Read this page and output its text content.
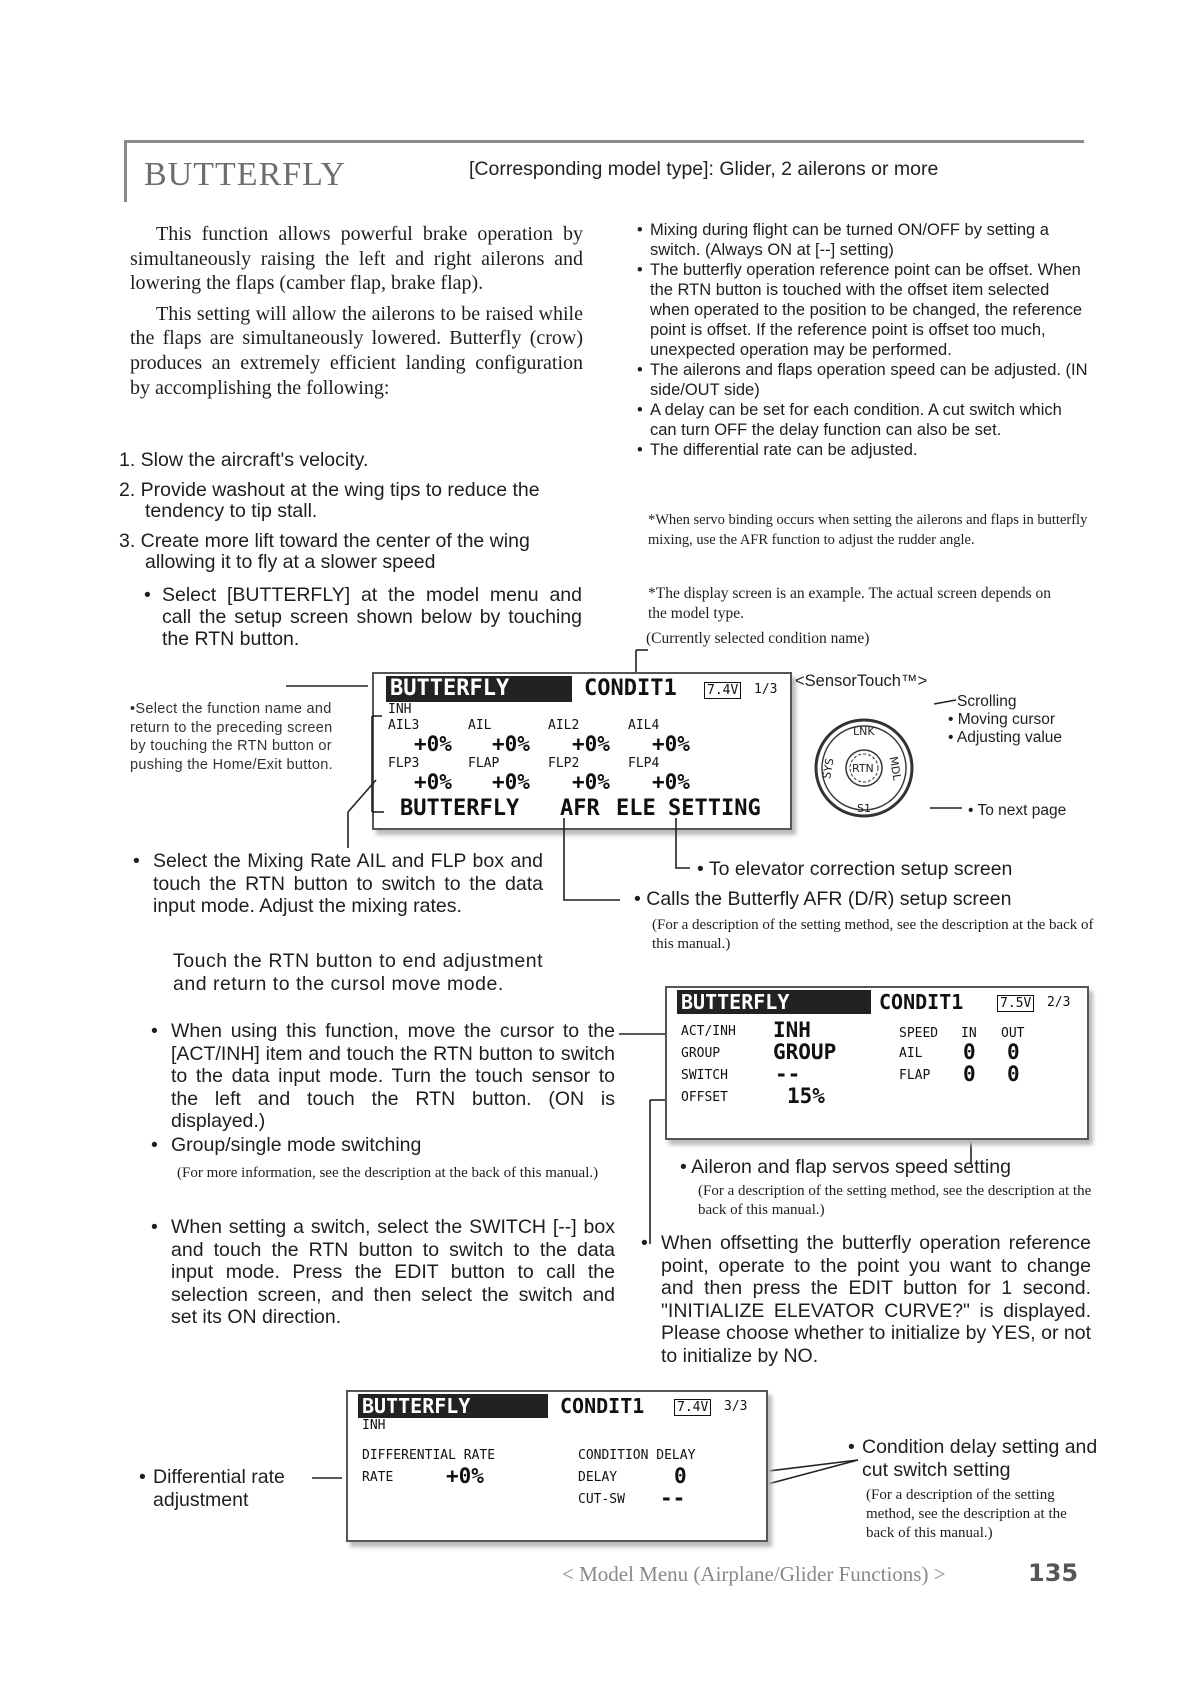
BUTTERFLY	[Corresponding model type]: Glider, 2 ailerons or more

This function allows powerful brake operation by simultaneously raising the left and right ailerons and lowering the flaps (camber flap, brake flap).

This setting will allow the ailerons to be raised while the flaps are simultaneously lowered. Butterfly (crow) produces an extremely efficient landing configuration by accomplishing the following:

1. Slow the aircraft's velocity.
2. Provide washout at the wing tips to reduce the tendency to tip stall.
3. Create more lift toward the center of the wing allowing it to fly at a slower speed
• Select [BUTTERFLY] at the model menu and call the setup screen shown below by touching the RTN button.
• Mixing during flight can be turned ON/OFF by setting a switch. (Always ON at [--] setting)
• The butterfly operation reference point can be offset. When the RTN button is touched with the offset item selected when operated to the position to be changed, the reference point is offset. If the reference point is offset too much, unexpected operation may be performed.
• The ailerons and flaps operation speed can be adjusted. (IN side/OUT side)
• A delay can be set for each condition. A cut switch which can turn OFF the delay function can also be set.
• The differential rate can be adjusted.
*When servo binding occurs when setting the ailerons and flaps in butterfly mixing, use the AFR function to adjust the rudder angle.
*The display screen is an example. The actual screen depends on the model type.
(Currently selected condition name)
BUTTERFLY	CONDIT1 7.4V 1/3
INH
AIL3	AIL	AIL2	AIL4
+0% +0% +0% +0%
FLP3	FLAP	FLP2	FLP4
+0% +0% +0% +0%
BUTTERFLY AFR ELE SETTING
•Select the function name and return to the preceding screen by touching the RTN button or pushing the Home/Exit button.
<SensorTouch™>
RTN
LNK
SYS	MDL
S1
Scrolling
• Moving cursor
• Adjusting value
• To next page
• Select the Mixing Rate AIL and FLP box and touch the RTN button to switch to the data input mode. Adjust the mixing rates.
Touch the RTN button to end adjustment and return to the cursol move mode.
• To elevator correction setup screen
• Calls the Butterfly AFR (D/R) setup screen
(For a description of the setting method, see the description at the back of this manual.)
• When using this function, move the cursor to the [ACT/INH] item and touch the RTN button to switch to the data input mode. Turn the touch sensor to the left and touch the RTN button. (ON is displayed.)
• Group/single mode switching
(For more information, see the description at the back of this manual.)
• When setting a switch, select the SWITCH [--] box and touch the RTN button to switch to the data input mode. Press the EDIT button to call the selection screen, and then select the switch and set its ON direction.
BUTTERFLY	CONDIT1	7.5V 2/3
ACT/INH INH
GROUP	GROUP
SWITCH --
OFFSET	15%
SPEED IN OUT
AIL 0 0
FLAP 0 0
• Aileron and flap servos speed setting
(For a description of the setting method, see the description at the back of this manual.)
• When offsetting the butterfly operation reference point, operate to the point you want to change and then press the EDIT button for 1 second. "INITIALIZE ELEVATOR CURVE?" is displayed. Please choose whether to initialize by YES, or not to initialize by NO.
BUTTERFLY	CONDIT1	7.4V 3/3
INH
DIFFERENTIAL RATE
RATE	+0%
CONDITION DELAY
DELAY	0
CUT-SW --
• Differential rate adjustment
• Condition delay setting and cut switch setting
(For a description of the setting method, see the description at the back of this manual.)
< Model Menu (Airplane/Glider Functions) >	135
